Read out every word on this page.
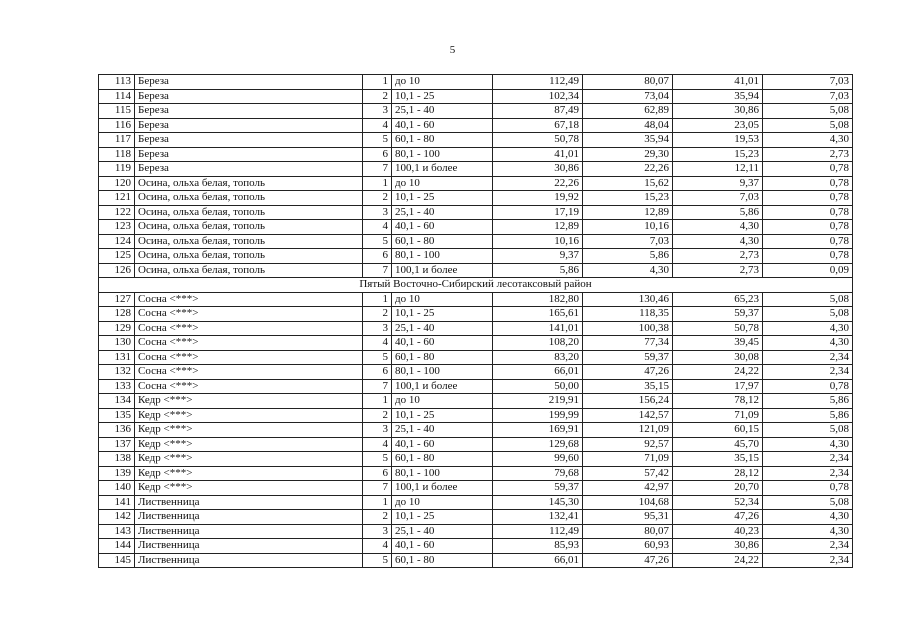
5
113	Береза	1	до 10	112,49	80,07	41,01	7,03
114	Береза	2	10,1 - 25	102,34	73,04	35,94	7,03
115	Береза	3	25,1 - 40	87,49	62,89	30,86	5,08
116	Береза	4	40,1 - 60	67,18	48,04	23,05	5,08
117	Береза	5	60,1 - 80	50,78	35,94	19,53	4,30
118	Береза	6	80,1 - 100	41,01	29,30	15,23	2,73
119	Береза	7	100,1 и более	30,86	22,26	12,11	0,78
120	Осина, ольха белая, тополь	1	до 10	22,26	15,62	9,37	0,78
121	Осина, ольха белая, тополь	2	10,1 - 25	19,92	15,23	7,03	0,78
122	Осина, ольха белая, тополь	3	25,1 - 40	17,19	12,89	5,86	0,78
123	Осина, ольха белая, тополь	4	40,1 - 60	12,89	10,16	4,30	0,78
124	Осина, ольха белая, тополь	5	60,1 - 80	10,16	7,03	4,30	0,78
125	Осина, ольха белая, тополь	6	80,1 - 100	9,37	5,86	2,73	0,78
126	Осина, ольха белая, тополь	7	100,1 и более	5,86	4,30	2,73	0,09
Пятый Восточно-Сибирский лесотаксовый район							
127	Сосна <***>	1	до 10	182,80	130,46	65,23	5,08
128	Сосна <***>	2	10,1 - 25	165,61	118,35	59,37	5,08
129	Сосна <***>	3	25,1 - 40	141,01	100,38	50,78	4,30
130	Сосна <***>	4	40,1 - 60	108,20	77,34	39,45	4,30
131	Сосна <***>	5	60,1 - 80	83,20	59,37	30,08	2,34
132	Сосна <***>	6	80,1 - 100	66,01	47,26	24,22	2,34
133	Сосна <***>	7	100,1 и более	50,00	35,15	17,97	0,78
134	Кедр <***>	1	до 10	219,91	156,24	78,12	5,86
135	Кедр <***>	2	10,1 - 25	199,99	142,57	71,09	5,86
136	Кедр <***>	3	25,1 - 40	169,91	121,09	60,15	5,08
137	Кедр <***>	4	40,1 - 60	129,68	92,57	45,70	4,30
138	Кедр <***>	5	60,1 - 80	99,60	71,09	35,15	2,34
139	Кедр <***>	6	80,1 - 100	79,68	57,42	28,12	2,34
140	Кедр <***>	7	100,1 и более	59,37	42,97	20,70	0,78
141	Лиственница	1	до 10	145,30	104,68	52,34	5,08
142	Лиственница	2	10,1 - 25	132,41	95,31	47,26	4,30
143	Лиственница	3	25,1 - 40	112,49	80,07	40,23	4,30
144	Лиственница	4	40,1 - 60	85,93	60,93	30,86	2,34
145	Лиственница	5	60,1 - 80	66,01	47,26	24,22	2,34
